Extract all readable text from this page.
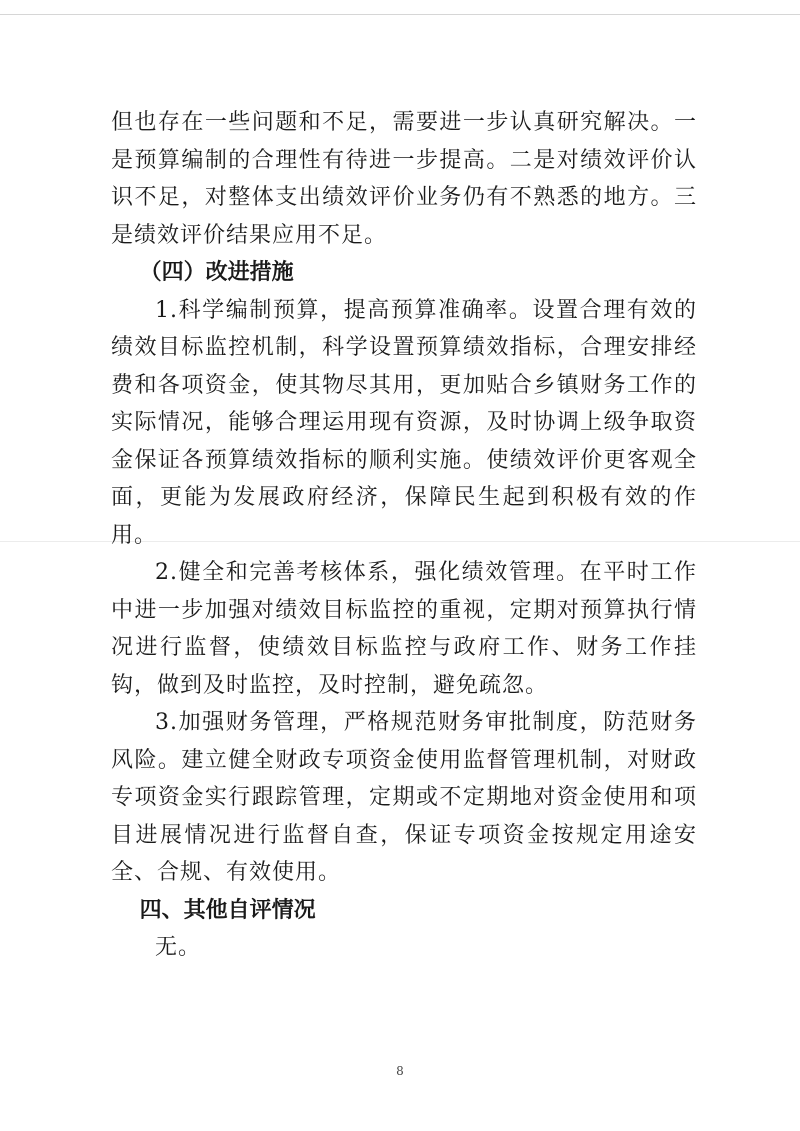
但也存在一些问题和不足，需要进一步认真研究解决。一是预算编制的合理性有待进一步提高。二是对绩效评价认识不足，对整体支出绩效评价业务仍有不熟悉的地方。三是绩效评价结果应用不足。

（四）改进措施

1.科学编制预算，提高预算准确率。设置合理有效的绩效目标监控机制，科学设置预算绩效指标，合理安排经费和各项资金，使其物尽其用，更加贴合乡镇财务工作的实际情况，能够合理运用现有资源，及时协调上级争取资金保证各预算绩效指标的顺利实施。使绩效评价更客观全面，更能为发展政府经济，保障民生起到积极有效的作用。

2.健全和完善考核体系，强化绩效管理。在平时工作中进一步加强对绩效目标监控的重视，定期对预算执行情况进行监督，使绩效目标监控与政府工作、财务工作挂钩，做到及时监控，及时控制，避免疏忽。

3.加强财务管理，严格规范财务审批制度，防范财务风险。建立健全财政专项资金使用监督管理机制，对财政专项资金实行跟踪管理，定期或不定期地对资金使用和项目进展情况进行监督自查，保证专项资金按规定用途安全、合规、有效使用。

四、其他自评情况

无。

8
